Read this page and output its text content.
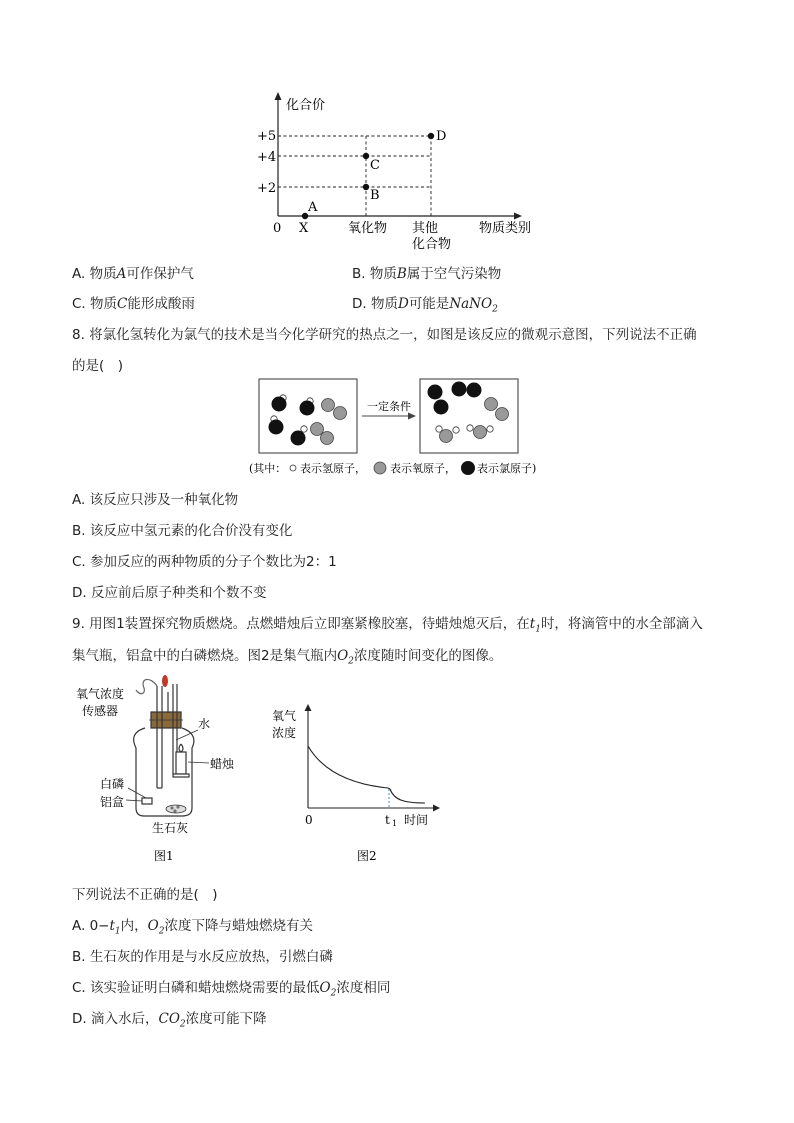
化合价
+5
+4
+2
0 X	氧化物 其他
化合物
物质类别
A
B
C
D
A. 物质A可作保护气	B. 物质B属于空气污染物
C. 物质C能形成酸雨	D. 物质D可能是NaNO$_2$
8. 将氯化氢转化为氯气的技术是当今化学研究的热点之一，如图是该反应的微观示意图，下列说法不正确
的是(　)
一定条件
(其中： 表示氢原子， 表示氧原子， 表示氯原子)
A. 该反应只涉及一种氧化物
B. 该反应中氢元素的化合价没有变化
C. 参加反应的两种物质的分子个数比为2：1
D. 反应前后原子种类和个数不变
9. 用图1装置探究物质燃烧。点燃蜡烛后立即塞紧橡胶塞，待蜡烛熄灭后，在$t_1$时，将滴管中的水全部滴入
集气瓶，铝盒中的白磷燃烧。图2是集气瓶内$O_2$浓度随时间变化的图像。
氧气浓度
传感器
水
蜡烛
白磷
铝盒
生石灰
图1
氧气
浓度
0	t 1 时间
图2
下列说法不正确的是(　)
A. $0-t_1$内，$O_2$浓度下降与蜡烛燃烧有关
B. 生石灰的作用是与水反应放热，引燃白磷
C. 该实验证明白磷和蜡烛燃烧需要的最低$O_2$浓度相同
D. 滴入水后，$CO_2$浓度可能下降
